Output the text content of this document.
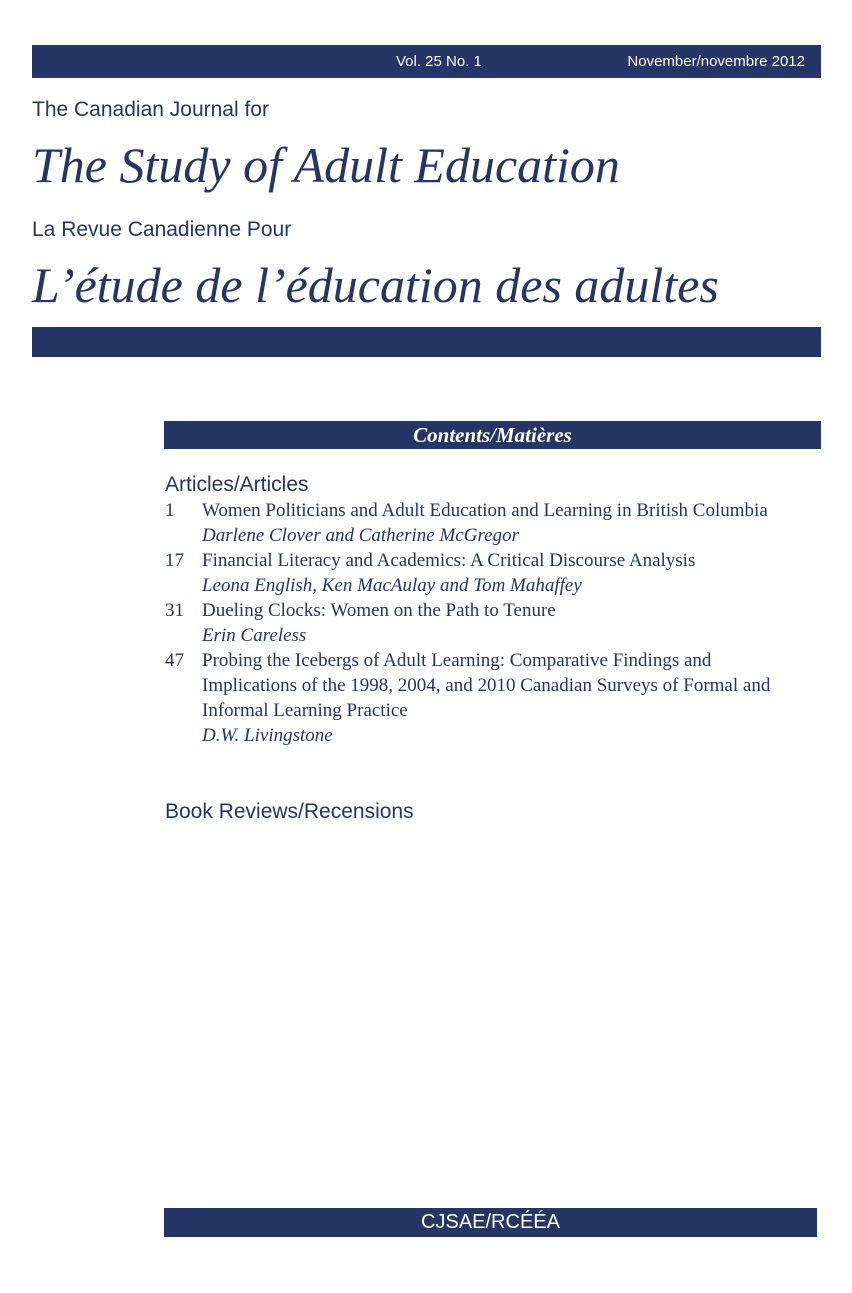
Vol. 25 No. 1	November/novembre 2012
The Canadian Journal for
The Study of Adult Education
La Revue Canadienne Pour
L’étude de l’éducation des adultes
Contents/Matières
Articles/Articles
1	Women Politicians and Adult Education and Learning in British Columbia
Darlene Clover and Catherine McGregor
17 Financial Literacy and Academics: A Critical Discourse Analysis
Leona English, Ken MacAulay and Tom Mahaffey
31 Dueling Clocks: Women on the Path to Tenure
Erin Careless
47 Probing the Icebergs of Adult Learning: Comparative Findings and Implications of the 1998, 2004, and 2010 Canadian Surveys of Formal and Informal Learning Practice
D.W. Livingstone
Book Reviews/Recensions
CJSAE/RCÉÉA
